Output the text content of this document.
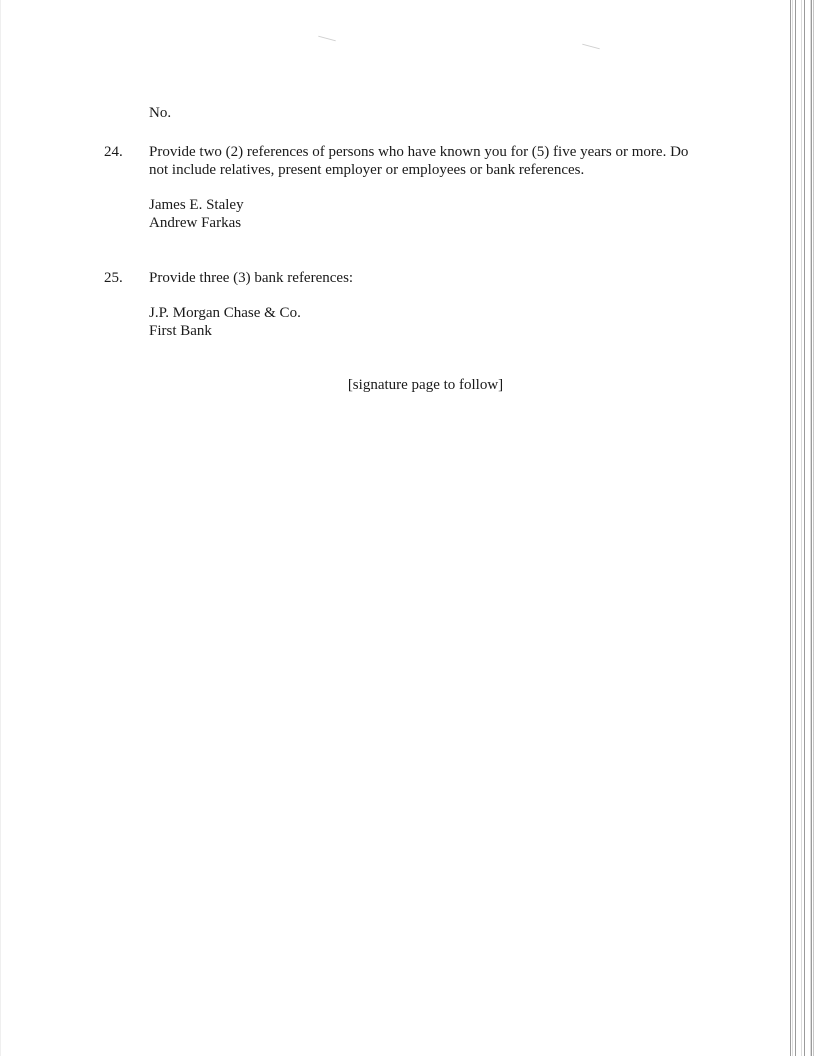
No.
24. Provide two (2) references of persons who have known you for (5) five years or more. Do
not include relatives, present employer or employees or bank references.
James E. Staley
Andrew Farkas
25. Provide three (3) bank references:
J.P. Morgan Chase & Co.
First Bank
[signature page to follow]
